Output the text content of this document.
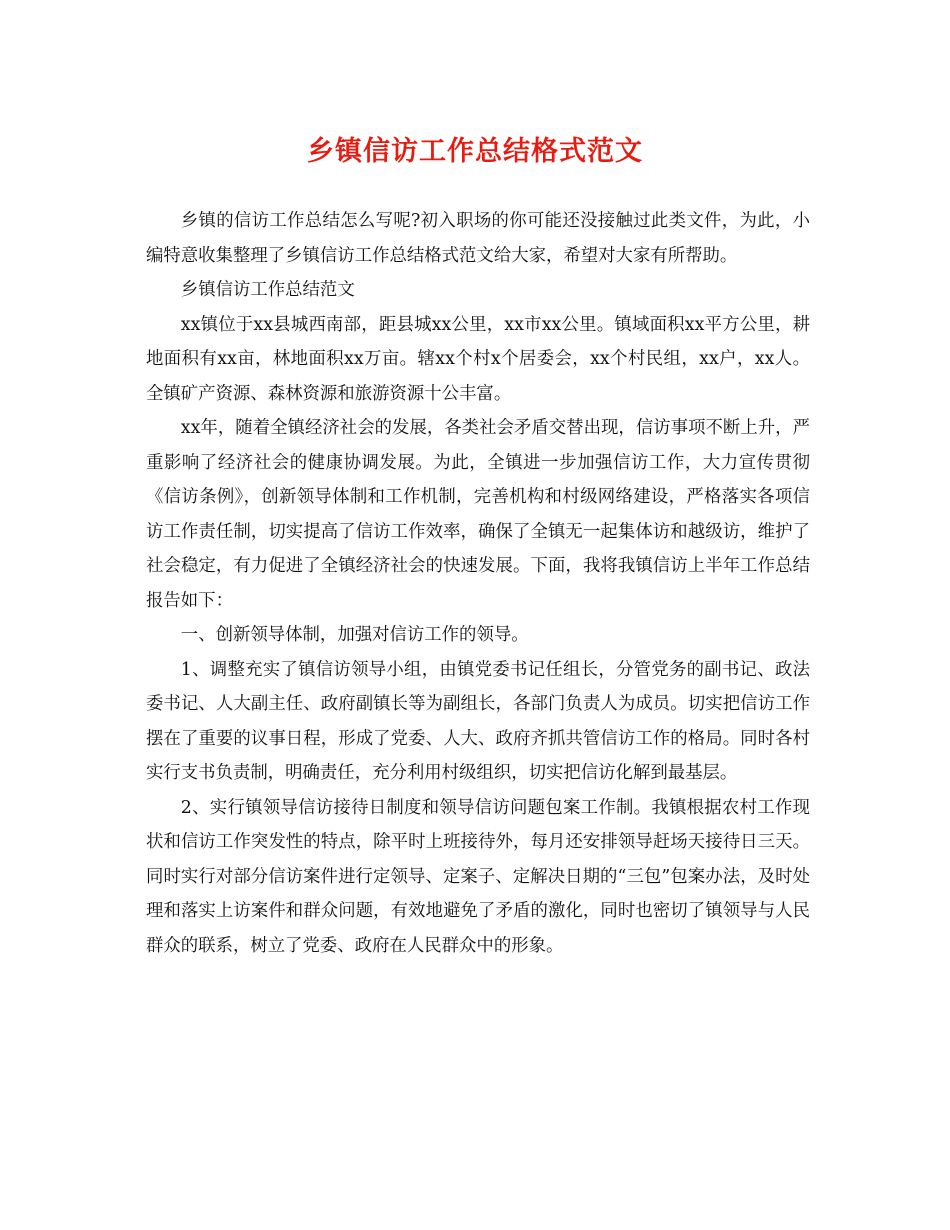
乡镇信访工作总结格式范文

乡镇的信访工作总结怎么写呢?初入职场的你可能还没接触过此类文件，为此，小编特意收集整理了乡镇信访工作总结格式范文给大家，希望对大家有所帮助。

乡镇信访工作总结范文

xx镇位于xx县城西南部，距县城xx公里，xx市xx公里。镇域面积xx平方公里，耕地面积有xx亩，林地面积xx万亩。辖xx个村x个居委会，xx个村民组，xx户，xx人。全镇矿产资源、森林资源和旅游资源十公丰富。

xx年，随着全镇经济社会的发展，各类社会矛盾交替出现，信访事项不断上升，严重影响了经济社会的健康协调发展。为此，全镇进一步加强信访工作，大力宣传贯彻《信访条例》，创新领导体制和工作机制，完善机构和村级网络建设，严格落实各项信访工作责任制，切实提高了信访工作效率，确保了全镇无一起集体访和越级访，维护了社会稳定，有力促进了全镇经济社会的快速发展。下面，我将我镇信访上半年工作总结报告如下：

一、创新领导体制，加强对信访工作的领导。

1、调整充实了镇信访领导小组，由镇党委书记任组长，分管党务的副书记、政法委书记、人大副主任、政府副镇长等为副组长，各部门负责人为成员。切实把信访工作摆在了重要的议事日程，形成了党委、人大、政府齐抓共管信访工作的格局。同时各村实行支书负责制，明确责任，充分利用村级组织，切实把信访化解到最基层。

2、实行镇领导信访接待日制度和领导信访问题包案工作制。我镇根据农村工作现状和信访工作突发性的特点，除平时上班接待外，每月还安排领导赶场天接待日三天。同时实行对部分信访案件进行定领导、定案子、定解决日期的“三包”包案办法，及时处理和落实上访案件和群众问题，有效地避免了矛盾的激化，同时也密切了镇领导与人民群众的联系，树立了党委、政府在人民群众中的形象。
